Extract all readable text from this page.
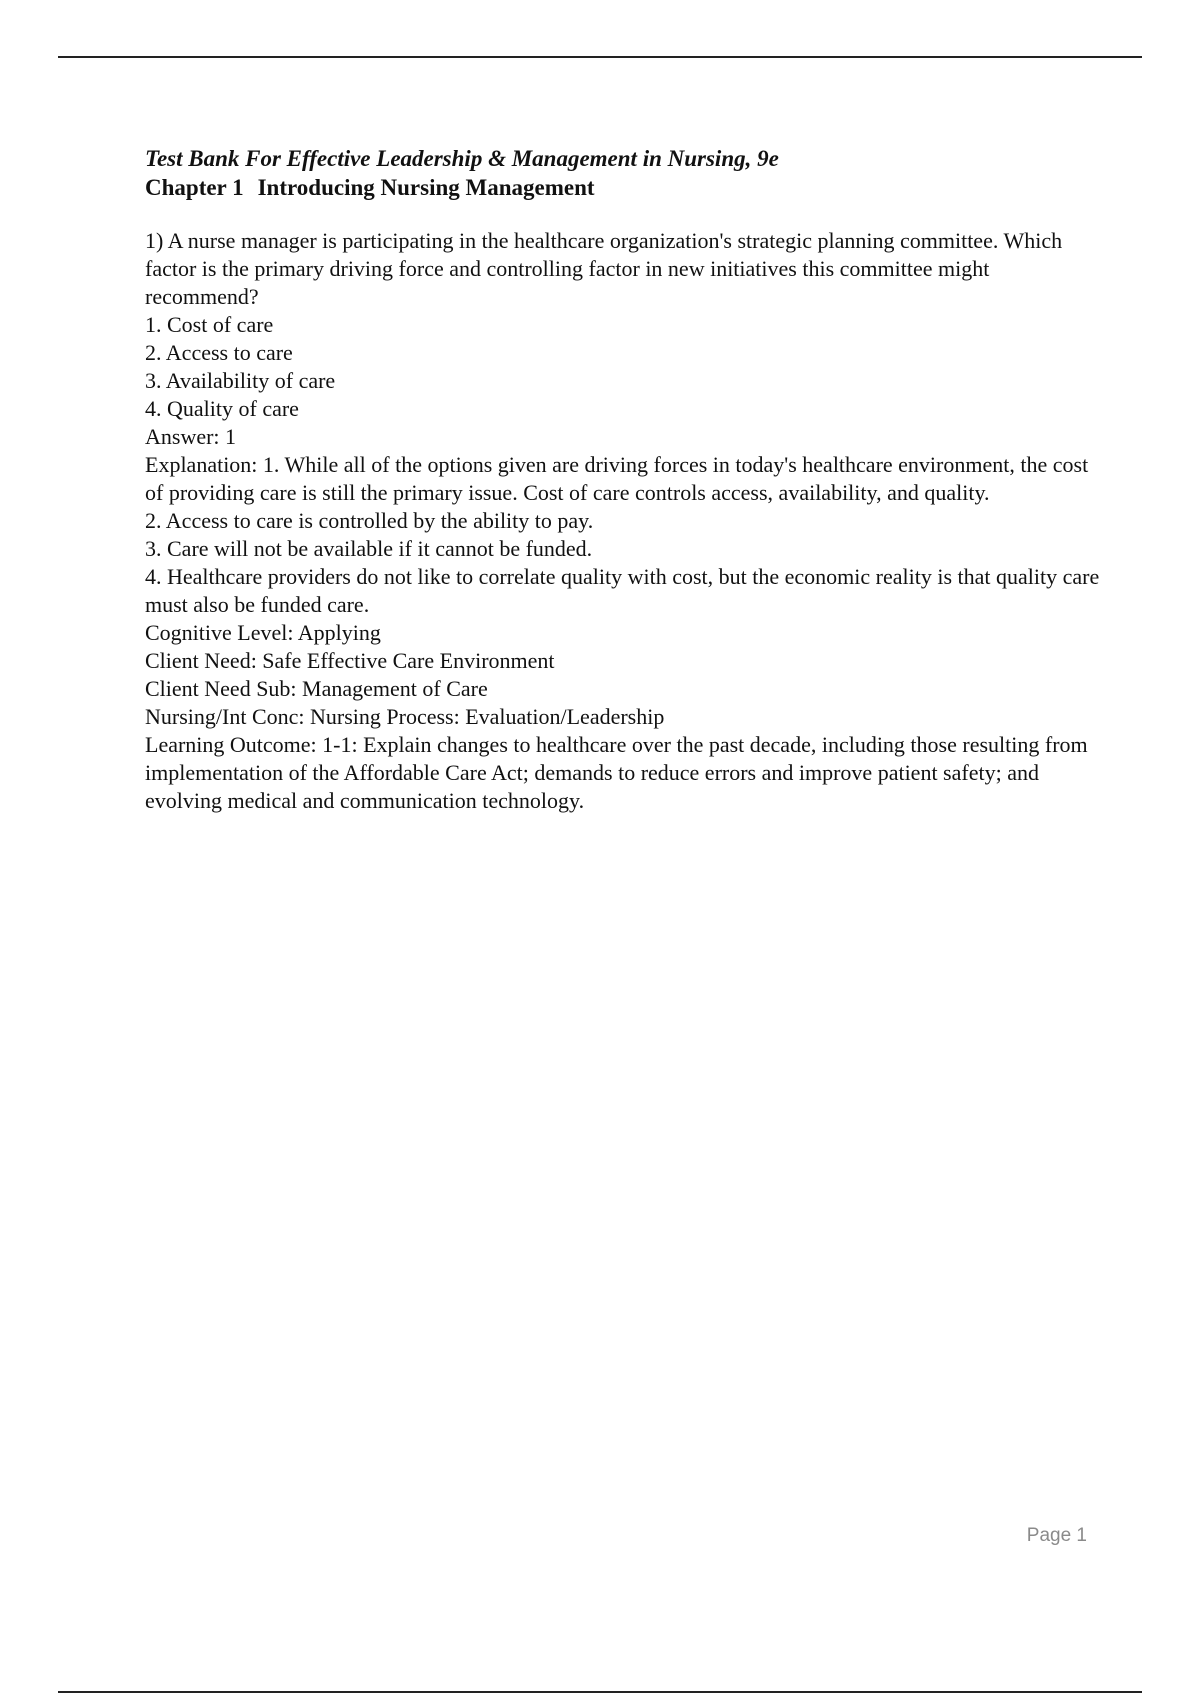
Test Bank For Effective Leadership & Management in Nursing, 9e
Chapter 1 Introducing Nursing Management

1) A nurse manager is participating in the healthcare organization's strategic planning committee. Which factor is the primary driving force and controlling factor in new initiatives this committee might recommend?

1. Cost of care

2. Access to care

3. Availability of care

4. Quality of care

Answer: 1

Explanation: 1. While all of the options given are driving forces in today's healthcare environment, the cost of providing care is still the primary issue. Cost of care controls access, availability, and quality.

2. Access to care is controlled by the ability to pay.

3. Care will not be available if it cannot be funded.

4. Healthcare providers do not like to correlate quality with cost, but the economic reality is that quality care must also be funded care.

Cognitive Level: Applying

Client Need: Safe Effective Care Environment

Client Need Sub: Management of Care

Nursing/Int Conc: Nursing Process: Evaluation/Leadership

Learning Outcome: 1-1: Explain changes to healthcare over the past decade, including those resulting from implementation of the Affordable Care Act; demands to reduce errors and improve patient safety; and evolving medical and communication technology.

Page 1
